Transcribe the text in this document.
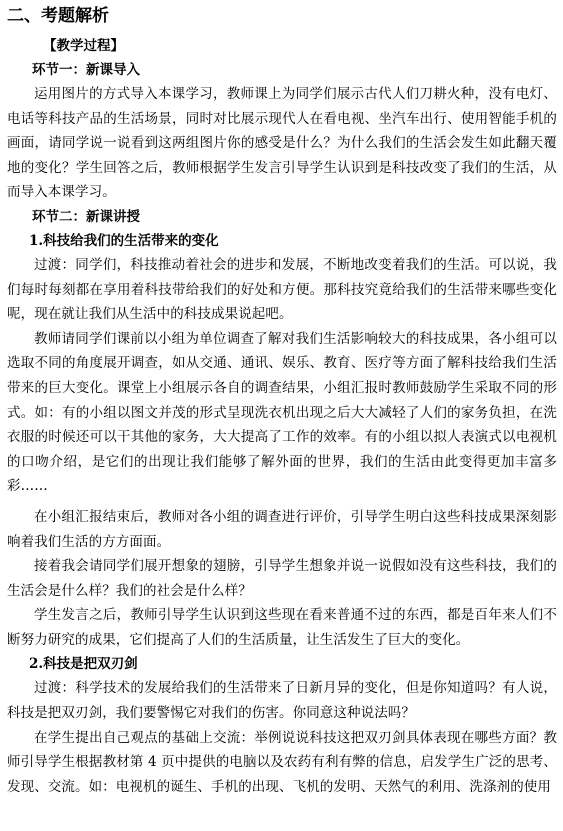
二、考题解析
【教学过程】
环节一：新课导入

运用图片的方式导入本课学习，教师课上为同学们展示古代人们刀耕火种，没有电灯、电话等科技产品的生活场景，同时对比展示现代人在看电视、坐汽车出行、使用智能手机的画面，请同学说一说看到这两组图片你的感受是什么？为什么我们的生活会发生如此翻天覆地的变化？学生回答之后，教师根据学生发言引导学生认识到是科技改变了我们的生活，从而导入本课学习。

环节二：新课讲授
1.科技给我们的生活带来的变化

过渡：同学们，科技推动着社会的进步和发展，不断地改变着我们的生活。可以说，我们每时每刻都在享用着科技带给我们的好处和方便。那科技究竟给我们的生活带来哪些变化呢，现在就让我们从生活中的科技成果说起吧。

教师请同学们课前以小组为单位调查了解对我们生活影响较大的科技成果，各小组可以选取不同的角度展开调查，如从交通、通讯、娱乐、教育、医疗等方面了解科技给我们生活带来的巨大变化。课堂上小组展示各自的调查结果，小组汇报时教师鼓励学生采取不同的形式。如：有的小组以图文并茂的形式呈现洗衣机出现之后大大减轻了人们的家务负担，在洗衣服的时候还可以干其他的家务，大大提高了工作的效率。有的小组以拟人表演式以电视机的口吻介绍，是它们的出现让我们能够了解外面的世界，我们的生活由此变得更加丰富多彩……

在小组汇报结束后，教师对各小组的调查进行评价，引导学生明白这些科技成果深刻影响着我们生活的方方面面。

接着我会请同学们展开想象的翅膀，引导学生想象并说一说假如没有这些科技，我们的生活会是什么样？我们的社会是什么样？

学生发言之后，教师引导学生认识到这些现在看来普通不过的东西，都是百年来人们不断努力研究的成果，它们提高了人们的生活质量，让生活发生了巨大的变化。

2.科技是把双刃剑

过渡：科学技术的发展给我们的生活带来了日新月异的变化，但是你知道吗？有人说，科技是把双刃剑，我们要警惕它对我们的伤害。你同意这种说法吗？

在学生提出自己观点的基础上交流：举例说说科技这把双刃剑具体表现在哪些方面？教师引导学生根据教材第 4 页中提供的电脑以及农药有利有弊的信息，启发学生广泛的思考、发现、交流。如：电视机的诞生、手机的出现、飞机的发明、天然气的利用、洗涤剂的使用
